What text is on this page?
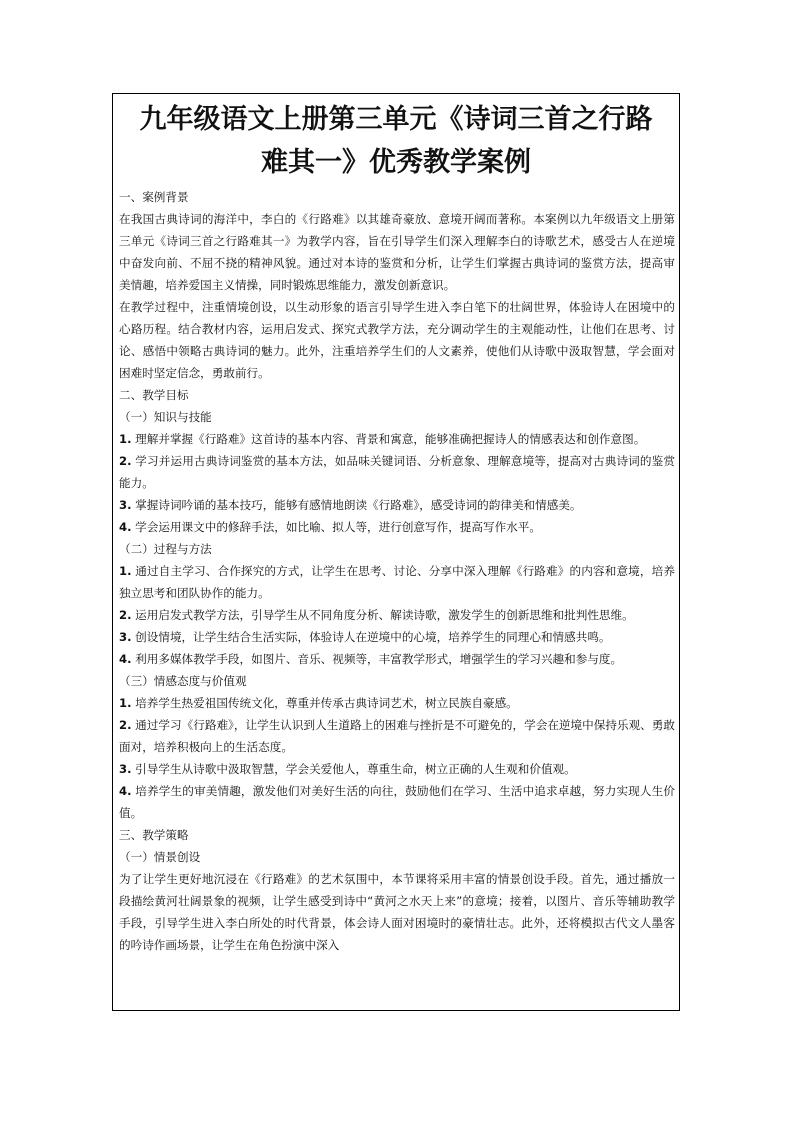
九年级语文上册第三单元《诗词三首之行路
难其一》优秀教学案例

一、案例背景

在我国古典诗词的海洋中，李白的《行路难》以其雄奇豪放、意境开阔而著称。本案例以九年级语文上册第三单元《诗词三首之行路难其一》为教学内容，旨在引导学生们深入理解李白的诗歌艺术，感受古人在逆境中奋发向前、不屈不挠的精神风貌。通过对本诗的鉴赏和分析，让学生们掌握古典诗词的鉴赏方法，提高审美情趣，培养爱国主义情操，同时锻炼思维能力，激发创新意识。

在教学过程中，注重情境创设，以生动形象的语言引导学生进入李白笔下的壮阔世界，体验诗人在困境中的心路历程。结合教材内容，运用启发式、探究式教学方法，充分调动学生的主观能动性，让他们在思考、讨论、感悟中领略古典诗词的魅力。此外，注重培养学生们的人文素养，使他们从诗歌中汲取智慧，学会面对困难时坚定信念，勇敢前行。

二、教学目标

（一）知识与技能

1. 理解并掌握《行路难》这首诗的基本内容、背景和寓意，能够准确把握诗人的情感表达和创作意图。

2. 学习并运用古典诗词鉴赏的基本方法，如品味关键词语、分析意象、理解意境等，提高对古典诗词的鉴赏能力。

3. 掌握诗词吟诵的基本技巧，能够有感情地朗读《行路难》，感受诗词的韵律美和情感美。

4. 学会运用课文中的修辞手法，如比喻、拟人等，进行创意写作，提高写作水平。

（二）过程与方法

1. 通过自主学习、合作探究的方式，让学生在思考、讨论、分享中深入理解《行路难》的内容和意境，培养独立思考和团队协作的能力。

2. 运用启发式教学方法，引导学生从不同角度分析、解读诗歌，激发学生的创新思维和批判性思维。

3. 创设情境，让学生结合生活实际，体验诗人在逆境中的心境，培养学生的同理心和情感共鸣。

4. 利用多媒体教学手段，如图片、音乐、视频等，丰富教学形式，增强学生的学习兴趣和参与度。

（三）情感态度与价值观

1. 培养学生热爱祖国传统文化，尊重并传承古典诗词艺术，树立民族自豪感。

2. 通过学习《行路难》，让学生认识到人生道路上的困难与挫折是不可避免的，学会在逆境中保持乐观、勇敢面对，培养积极向上的生活态度。

3. 引导学生从诗歌中汲取智慧，学会关爱他人，尊重生命，树立正确的人生观和价值观。

4. 培养学生的审美情趣，激发他们对美好生活的向往，鼓励他们在学习、生活中追求卓越，努力实现人生价值。

三、教学策略

（一）情景创设

为了让学生更好地沉浸在《行路难》的艺术氛围中，本节课将采用丰富的情景创设手段。首先，通过播放一段描绘黄河壮阔景象的视频，让学生感受到诗中“黄河之水天上来”的意境；接着，以图片、音乐等辅助教学手段，引导学生进入李白所处的时代背景，体会诗人面对困境时的豪情壮志。此外，还将模拟古代文人墨客的吟诗作画场景，让学生在角色扮演中深入
